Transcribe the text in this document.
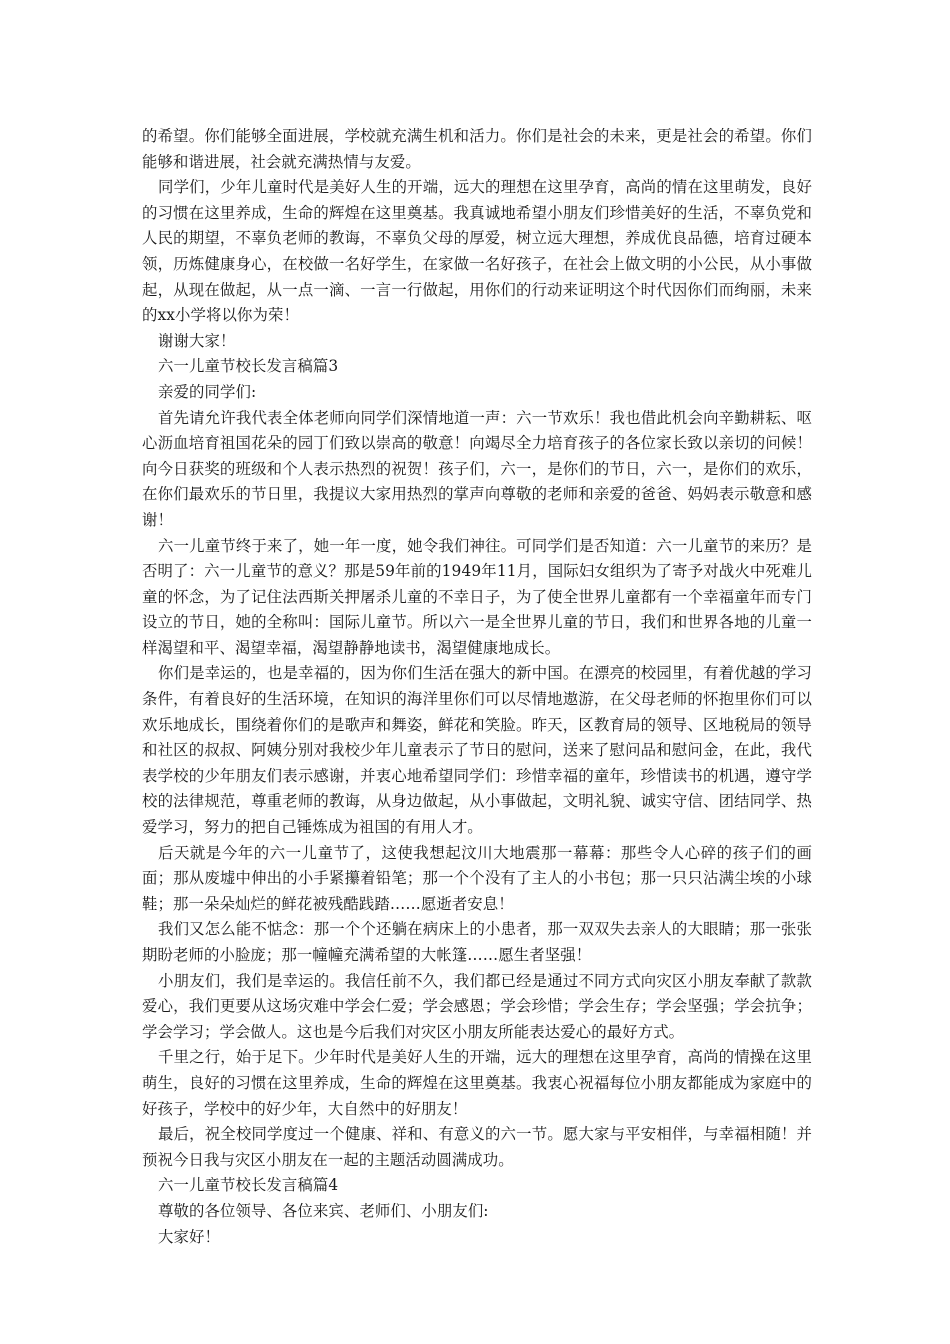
的希望。你们能够全面进展，学校就充满生机和活力。你们是社会的未来，更是社会的希望。你们能够和谐进展，社会就充满热情与友爱。

同学们，少年儿童时代是美好人生的开端，远大的理想在这里孕育，高尚的情在这里萌发，良好的习惯在这里养成，生命的辉煌在这里奠基。我真诚地希望小朋友们珍惜美好的生活，不辜负党和人民的期望，不辜负老师的教诲，不辜负父母的厚爱，树立远大理想，养成优良品德，培育过硬本领，历炼健康身心，在校做一名好学生，在家做一名好孩子，在社会上做文明的小公民，从小事做起，从现在做起，从一点一滴、一言一行做起，用你们的行动来证明这个时代因你们而绚丽，未来的xx小学将以你为荣！

谢谢大家！

六一儿童节校长发言稿篇3

亲爱的同学们:

首先请允许我代表全体老师向同学们深情地道一声：六一节欢乐！我也借此机会向辛勤耕耘、呕心沥血培育祖国花朵的园丁们致以崇高的敬意！向竭尽全力培育孩子的各位家长致以亲切的问候！向今日获奖的班级和个人表示热烈的祝贺！孩子们，六一，是你们的节日，六一，是你们的欢乐，在你们最欢乐的节日里，我提议大家用热烈的掌声向尊敬的老师和亲爱的爸爸、妈妈表示敬意和感谢！

六一儿童节终于来了，她一年一度，她令我们神往。可同学们是否知道：六一儿童节的来历？是否明了：六一儿童节的意义？那是59年前的1949年11月，国际妇女组织为了寄予对战火中死难儿童的怀念，为了记住法西斯关押屠杀儿童的不幸日子，为了使全世界儿童都有一个幸福童年而专门设立的节日，她的全称叫：国际儿童节。所以六一是全世界儿童的节日，我们和世界各地的儿童一样渴望和平、渴望幸福，渴望静静地读书，渴望健康地成长。

你们是幸运的，也是幸福的，因为你们生活在强大的新中国。在漂亮的校园里，有着优越的学习条件，有着良好的生活环境，在知识的海洋里你们可以尽情地遨游，在父母老师的怀抱里你们可以欢乐地成长，围绕着你们的是歌声和舞姿，鲜花和笑脸。昨天，区教育局的领导、区地税局的领导和社区的叔叔、阿姨分别对我校少年儿童表示了节日的慰问，送来了慰问品和慰问金，在此，我代表学校的少年朋友们表示感谢，并衷心地希望同学们：珍惜幸福的童年，珍惜读书的机遇，遵守学校的法律规范，尊重老师的教诲，从身边做起，从小事做起，文明礼貌、诚实守信、团结同学、热爱学习，努力的把自己锤炼成为祖国的有用人才。

后天就是今年的六一儿童节了，这使我想起汶川大地震那一幕幕：那些令人心碎的孩子们的画面；那从废墟中伸出的小手紧攥着铅笔；那一个个没有了主人的小书包；那一只只沾满尘埃的小球鞋；那一朵朵灿烂的鲜花被残酷践踏……愿逝者安息！

我们又怎么能不惦念：那一个个还躺在病床上的小患者，那一双双失去亲人的大眼睛；那一张张期盼老师的小脸庞；那一幢幢充满希望的大帐篷……愿生者坚强！

小朋友们，我们是幸运的。我信任前不久，我们都已经是通过不同方式向灾区小朋友奉献了款款爱心，我们更要从这场灾难中学会仁爱；学会感恩；学会珍惜；学会生存；学会坚强；学会抗争；学会学习；学会做人。这也是今后我们对灾区小朋友所能表达爱心的最好方式。

千里之行，始于足下。少年时代是美好人生的开端，远大的理想在这里孕育，高尚的情操在这里萌生，良好的习惯在这里养成，生命的辉煌在这里奠基。我衷心祝福每位小朋友都能成为家庭中的好孩子，学校中的好少年，大自然中的好朋友！

最后，祝全校同学度过一个健康、祥和、有意义的六一节。愿大家与平安相伴，与幸福相随！并预祝今日我与灾区小朋友在一起的主题活动圆满成功。

六一儿童节校长发言稿篇4

尊敬的各位领导、各位来宾、老师们、小朋友们:

大家好！
